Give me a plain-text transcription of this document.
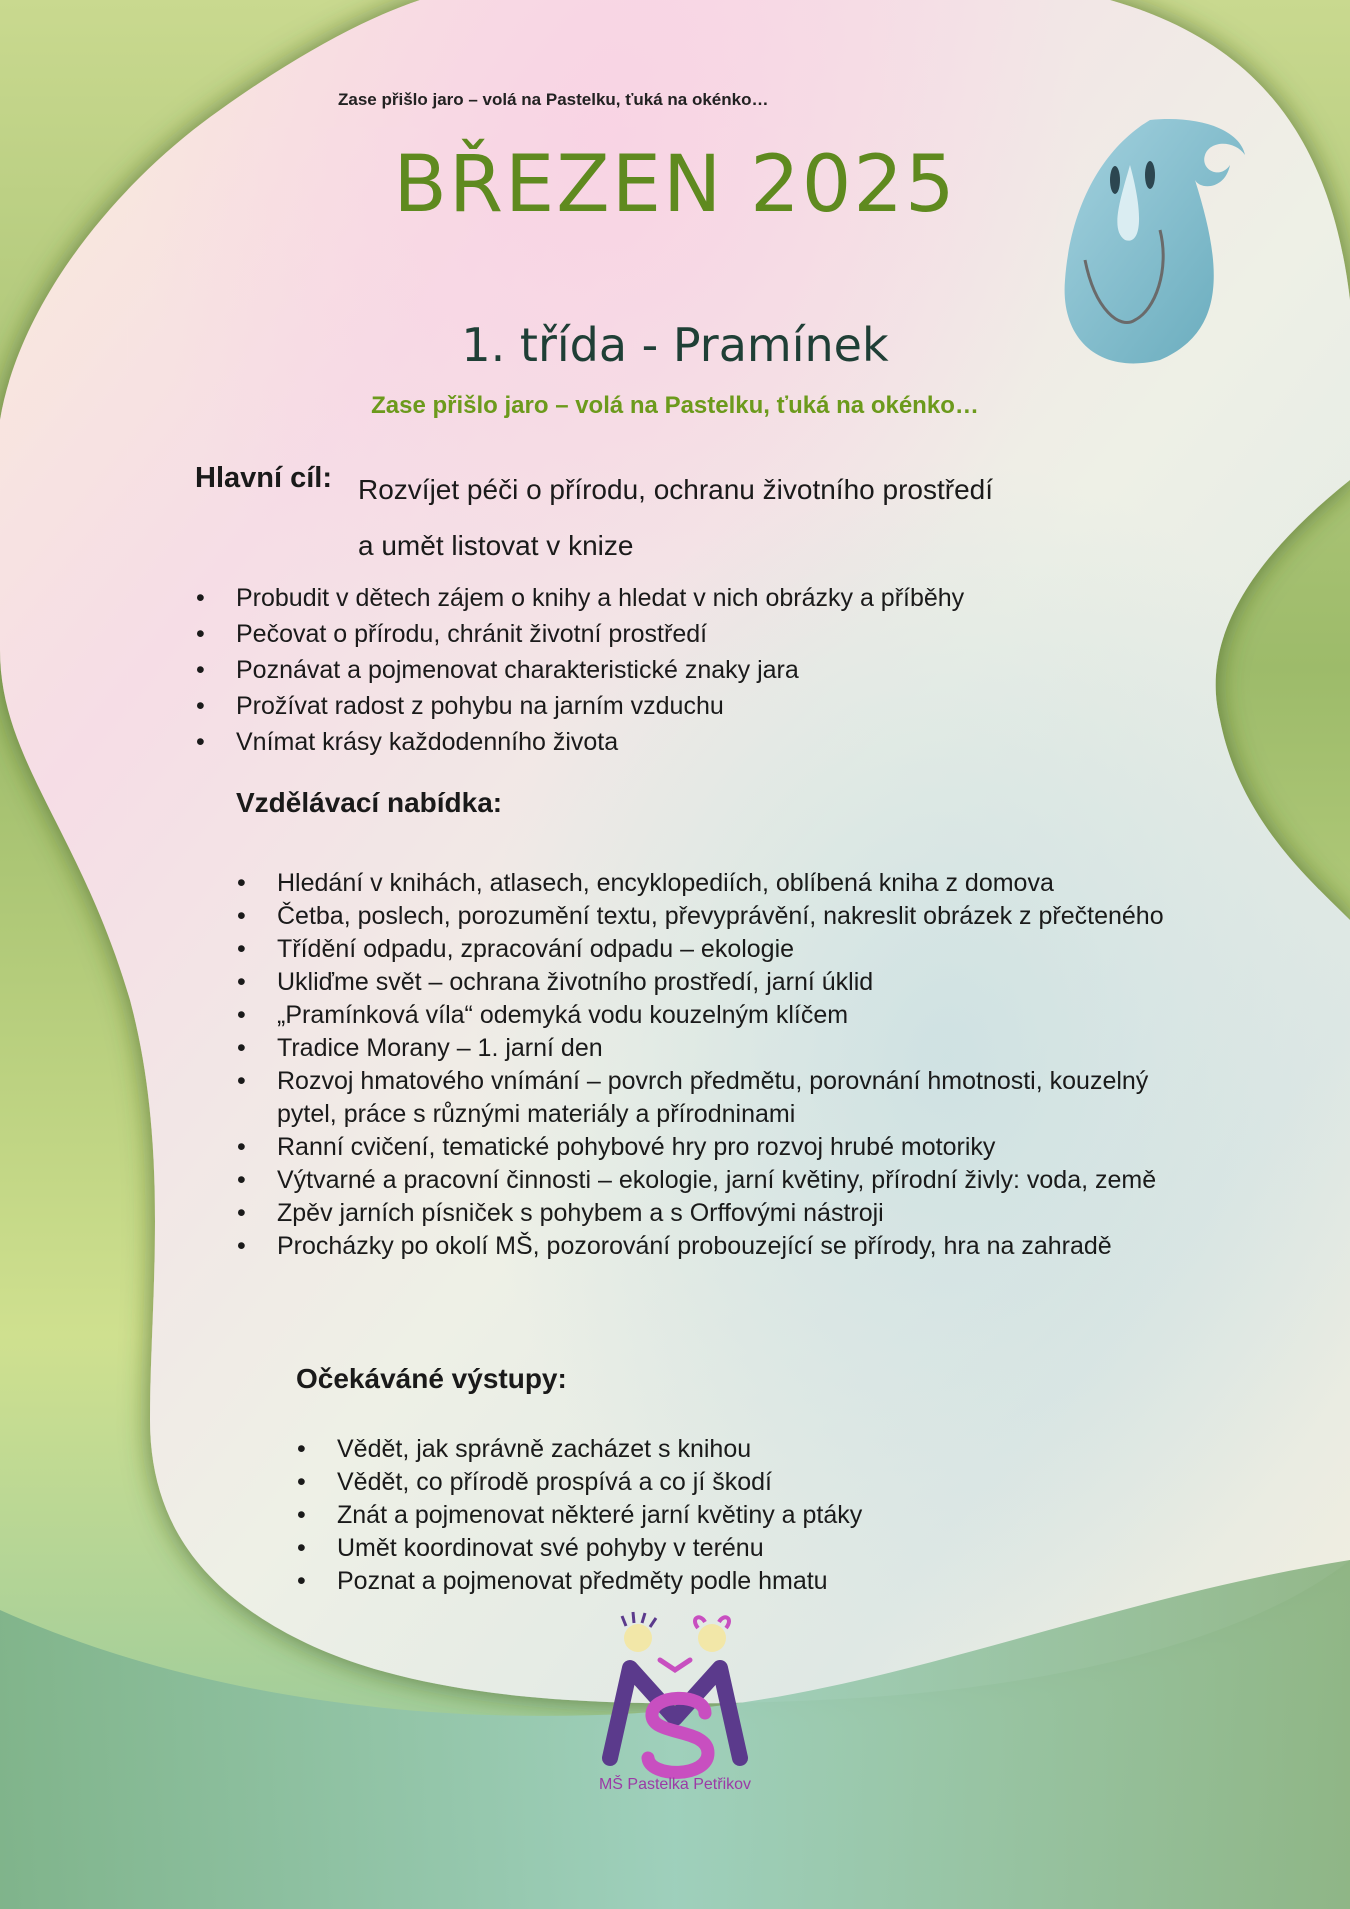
Zase přišlo jaro – volá na Pastelku, ťuká na okénko…
BŘEZEN 2025
1. třída - Pramínek
Zase přišlo jaro – volá na Pastelku, ťuká na okénko…
Hlavní cíl: Rozvíjet péči o přírodu, ochranu životního prostředí
a umět listovat v knize
• Probudit v dětech zájem o knihy a hledat v nich obrázky a příběhy
• Pečovat o přírodu, chránit životní prostředí
• Poznávat a pojmenovat charakteristické znaky jara
• Prožívat radost z pohybu na jarním vzduchu
• Vnímat krásy každodenního života
Vzdělávací nabídka:
• Hledání v knihách, atlasech, encyklopediích, oblíbená kniha z domova
• Četba, poslech, porozumění textu, převyprávění, nakreslit obrázek z přečteného
• Třídění odpadu, zpracování odpadu – ekologie
• Ukliďme svět – ochrana životního prostředí, jarní úklid
• „Pramínková víla“ odemyká vodu kouzelným klíčem
• Tradice Morany – 1. jarní den
• Rozvoj hmatového vnímání – povrch předmětu, porovnání hmotnosti, kouzelný pytel, práce s různými materiály a přírodninami
• Ranní cvičení, tematické pohybové hry pro rozvoj hrubé motoriky
• Výtvarné a pracovní činnosti – ekologie, jarní květiny, přírodní živly: voda, země
• Zpěv jarních písniček s pohybem a s Orffovými nástroji
• Procházky po okolí MŠ, pozorování probouzející se přírody, hra na zahradě
Očekáváné výstupy:
• Vědět, jak správně zacházet s knihou
• Vědět, co přírodě prospívá a co jí škodí
• Znát a pojmenovat některé jarní květiny a ptáky
• Umět koordinovat své pohyby v terénu
• Poznat a pojmenovat předměty podle hmatu
MŠ Pastelka Petřikov
